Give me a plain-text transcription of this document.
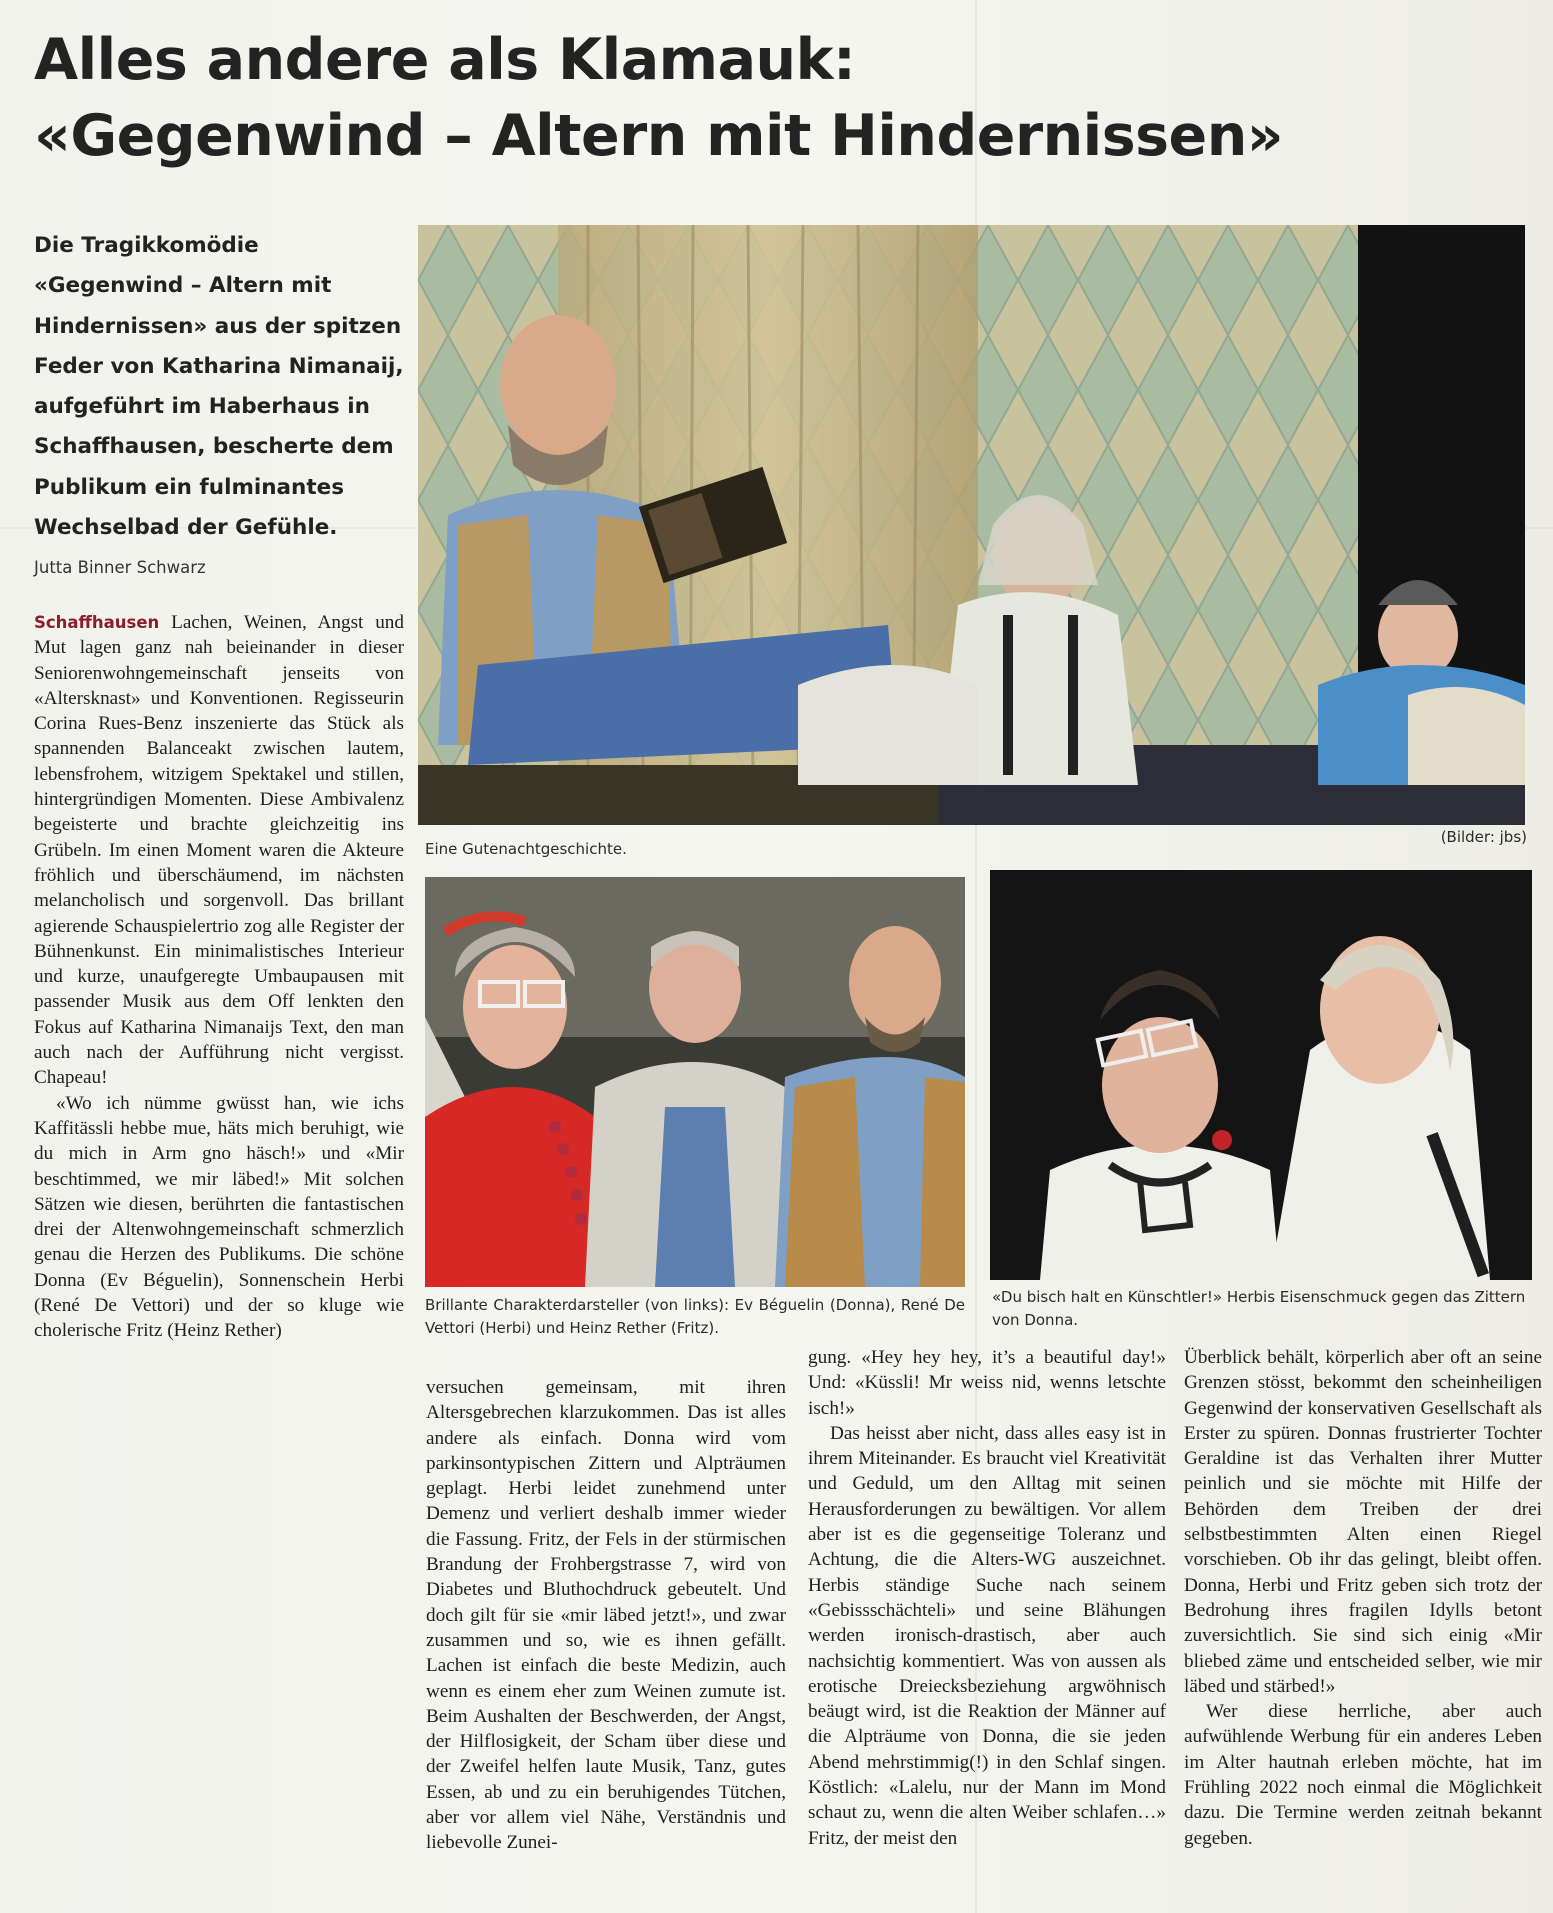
Alles andere als Klamauk:
«Gegenwind – Altern mit Hindernissen»

Die Tragikkomödie «Gegenwind – Altern mit Hindernissen» aus der spitzen Feder von Katharina Nimanaij, aufgeführt im Haberhaus in Schaffhausen, bescherte dem Publikum ein fulminantes Wechselbad der Gefühle.

Jutta Binner Schwarz

Eine Gutenachtgeschichte.

(Bilder: jbs)

Brillante Charakterdarsteller (von links): Ev Béguelin (Donna), René De Vettori (Herbi) und Heinz Rether (Fritz).

«Du bisch halt en Künschtler!» Herbis Eisenschmuck gegen das Zittern von Donna.

Schaffhausen Lachen, Weinen, Angst und Mut lagen ganz nah beieinander in dieser Seniorenwohngemeinschaft jenseits von «Altersknast» und Konventionen. Regisseurin Corina Rues-Benz inszenierte das Stück als spannenden Balanceakt zwischen lautem, lebensfrohem, witzigem Spektakel und stillen, hintergründigen Momenten. Diese Ambivalenz begeisterte und brachte gleichzeitig ins Grübeln. Im einen Moment waren die Akteure fröhlich und überschäumend, im nächsten melancholisch und sorgenvoll. Das brillant agierende Schauspielertrio zog alle Register der Bühnenkunst. Ein minimalistisches Interieur und kurze, unaufgeregte Umbaupausen mit passender Musik aus dem Off lenkten den Fokus auf Katharina Nimanaijs Text, den man auch nach der Aufführung nicht vergisst. Chapeau!

«Wo ich nümme gwüsst han, wie ichs Kaffitässli hebbe mue, häts mich beruhigt, wie du mich in Arm gno häsch!» und «Mir beschtimmed, we mir läbed!» Mit solchen Sätzen wie diesen, berührten die fantastischen drei der Altenwohngemeinschaft schmerzlich genau die Herzen des Publikums. Die schöne Donna (Ev Béguelin), Sonnenschein Herbi (René De Vettori) und der so kluge wie cholerische Fritz (Heinz Rether)

versuchen gemeinsam, mit ihren Altersgebrechen klarzukommen. Das ist alles andere als einfach. Donna wird vom parkinsontypischen Zittern und Alpträumen geplagt. Herbi leidet zunehmend unter Demenz und verliert deshalb immer wieder die Fassung. Fritz, der Fels in der stürmischen Brandung der Frohbergstrasse 7, wird von Diabetes und Bluthochdruck gebeutelt. Und doch gilt für sie «mir läbed jetzt!», und zwar zusammen und so, wie es ihnen gefällt. Lachen ist einfach die beste Medizin, auch wenn es einem eher zum Weinen zumute ist. Beim Aushalten der Beschwerden, der Angst, der Hilflosigkeit, der Scham über diese und der Zweifel helfen laute Musik, Tanz, gutes Essen, ab und zu ein beruhigendes Tütchen, aber vor allem viel Nähe, Verständnis und liebevolle Zunei-

gung. «Hey hey hey, it’s a beautiful day!» Und: «Küssli! Mr weiss nid, wenns letschte isch!»

Das heisst aber nicht, dass alles easy ist in ihrem Miteinander. Es braucht viel Kreativität und Geduld, um den Alltag mit seinen Herausforderungen zu bewältigen. Vor allem aber ist es die gegenseitige Toleranz und Achtung, die die Alters-WG auszeichnet. Herbis ständige Suche nach seinem «Gebissschächteli» und seine Blähungen werden ironisch-drastisch, aber auch nachsichtig kommentiert. Was von aussen als erotische Dreiecksbeziehung argwöhnisch beäugt wird, ist die Reaktion der Männer auf die Alpträume von Donna, die sie jeden Abend mehrstimmig(!) in den Schlaf singen. Köstlich: «Lalelu, nur der Mann im Mond schaut zu, wenn die alten Weiber schlafen…» Fritz, der meist den

Überblick behält, körperlich aber oft an seine Grenzen stösst, bekommt den scheinheiligen Gegenwind der konservativen Gesellschaft als Erster zu spüren. Donnas frustrierter Tochter Geraldine ist das Verhalten ihrer Mutter peinlich und sie möchte mit Hilfe der Behörden dem Treiben der drei selbstbestimmten Alten einen Riegel vorschieben. Ob ihr das gelingt, bleibt offen. Donna, Herbi und Fritz geben sich trotz der Bedrohung ihres fragilen Idylls betont zuversichtlich. Sie sind sich einig «Mir bliebed zäme und entscheided selber, wie mir läbed und stärbed!»

Wer diese herrliche, aber auch aufwühlende Werbung für ein anderes Leben im Alter hautnah erleben möchte, hat im Frühling 2022 noch einmal die Möglichkeit dazu. Die Termine werden zeitnah bekannt gegeben.
